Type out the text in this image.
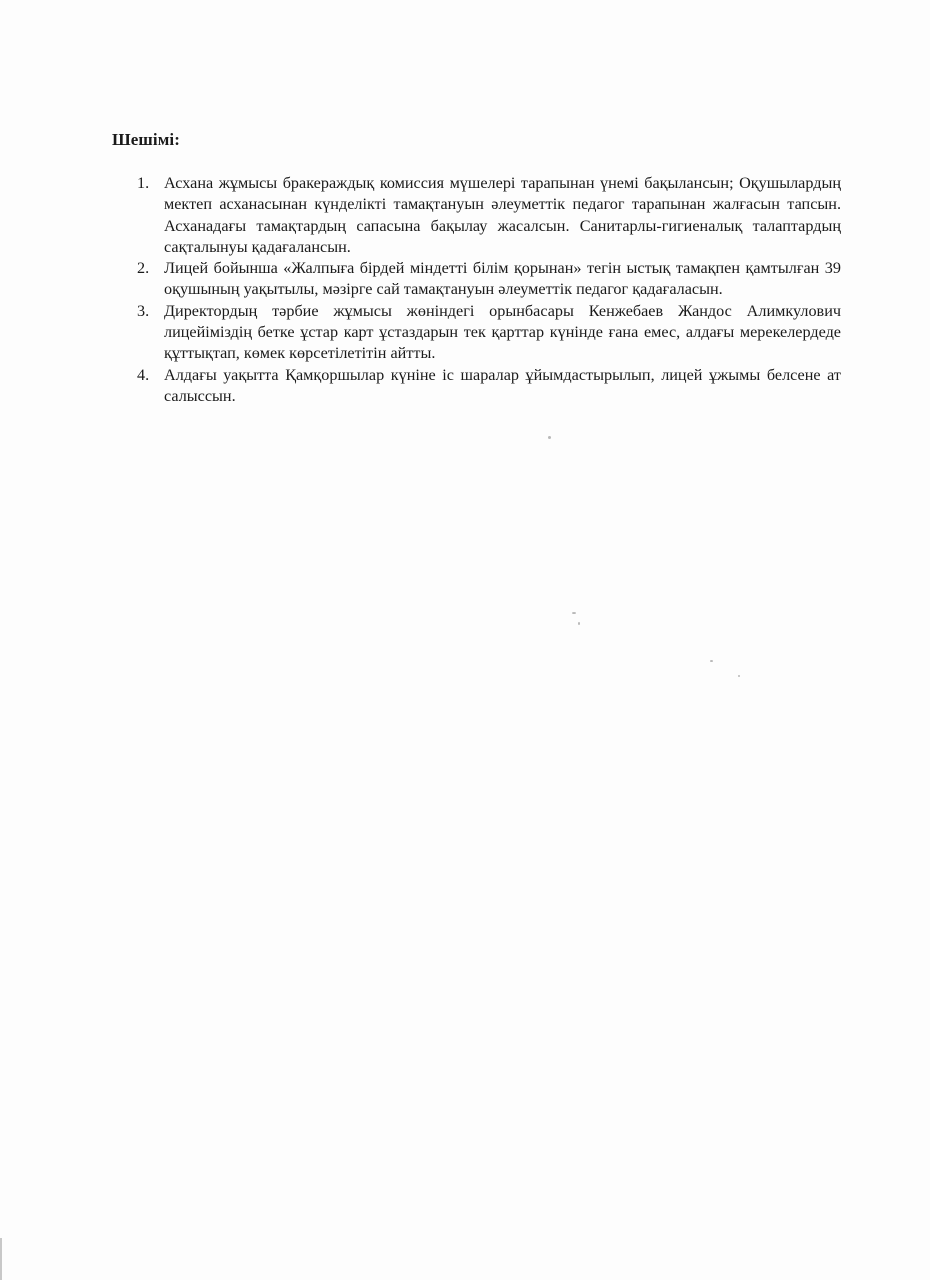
Шешімі:
1. Асхана жұмысы бракераждық комиссия мүшелері тарапынан үнемі бақылансын; Оқушылардың мектеп асханасынан күнделікті тамақтануын әлеуметтік педагог тарапынан жалғасын тапсын. Асханадағы тамақтардың сапасына бақылау жасалсын. Санитарлы-гигиеналық талаптардың сақталынуы қадағалансын.
2. Лицей бойынша «Жалпыға бірдей міндетті білім қорынан» тегін ыстық тамақпен қамтылған 39 оқушының уақытылы, мәзірге сай тамақтануын әлеуметтік педагог қадағаласын.
3. Директордың тәрбие жұмысы жөніндегі орынбасары Кенжебаев Жандос Алимкулович лицейіміздің бетке ұстар карт ұстаздарын тек қарттар күнінде ғана емес, алдағы мерекелердеде құттықтап, көмек көрсетілетітін айтты.
4. Алдағы уақытта Қамқоршылар күніне іс шаралар ұйымдастырылып, лицей ұжымы белсене ат салыссын.
